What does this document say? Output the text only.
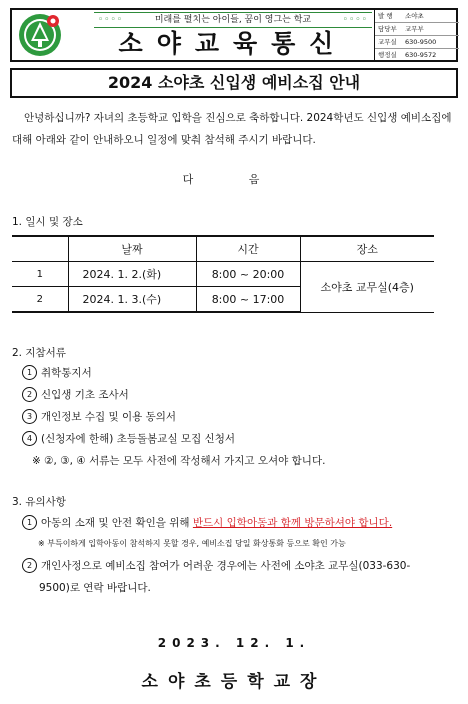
◦◦◦◦	미래를 펼치는 아이들, 꿈이 영그는 학교	◦◦◦◦
소야교육통신
발 행 소야초
담당부 교무부
교무실 630-9500
행정실 630-9572
2024 소야초 신입생 예비소집 안내
안녕하십니까? 자녀의 초등학교 입학을 진심으로 축하합니다. 2024학년도 신입생 예비소집에 대해 아래와 같이 안내하오니 일정에 맞춰 참석해 주시기 바랍니다.
다 음
1. 일시 및 장소
	날짜	시간	장소
1	2024. 1. 2.(화)	8:00 ~ 20:00	소야초 교무실(4층)
2	2024. 1. 3.(수)	8:00 ~ 17:00	
2. 지참서류
1 취학통지서
2 신입생 기초 조사서
3 개인정보 수집 및 이용 동의서
4 (신청자에 한해) 초등돌봄교실 모집 신청서
※ ②, ③, ④ 서류는 모두 사전에 작성해서 가지고 오셔야 합니다.
3. 유의사항
1 아동의 소재 및 안전 확인을 위해 반드시 입학아동과 함께 방문하셔야 합니다.
※ 부득이하게 입학아동이 참석하지 못할 경우, 예비소집 당일 화상통화 등으로 확인 가능
2 개인사정으로 예비소집 참여가 어려운 경우에는 사전에 소야초 교무실(033-630-
9500)로 연락 바랍니다.
2023. 12. 1.
소야초등학교장
